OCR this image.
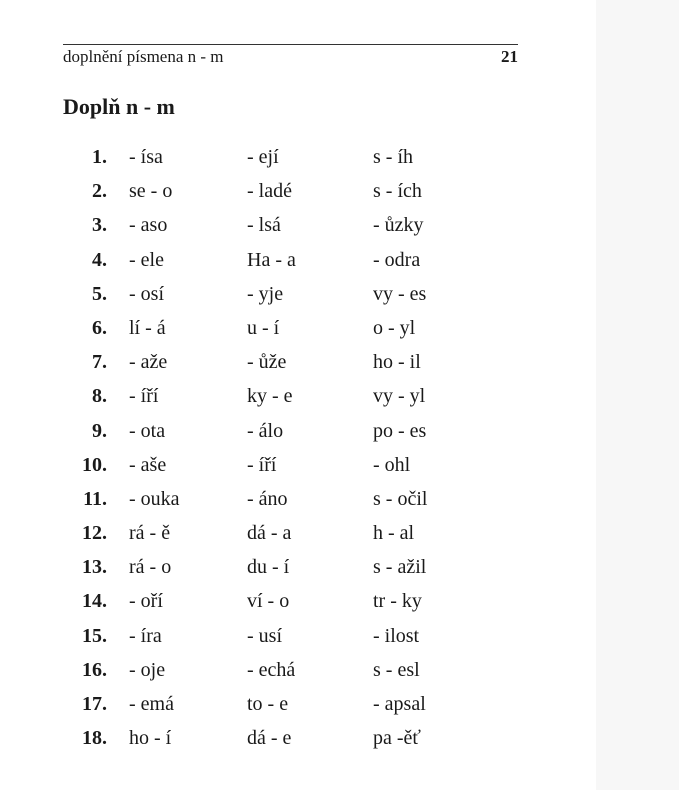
doplnění písmena n - m	21
Doplň n - m
1. - ísa	- ejí	s - íh
2. se - o	- ladé	s - ích
3. - aso	- lsá	- ůzky
4. - ele	Ha - a	- odra
5. - osí	- yje	vy - es
6. lí - á	u - í	o - yl
7. - aže	- ůže	ho - il
8. - íří	ky - e	vy - yl
9. - ota	- álo	po - es
10. - aše	- íří	- ohl
11. - ouka	- áno	s - očil
12. rá - ě	dá - a	h - al
13. rá - o	du - í	s - ažil
14. - oří	ví - o	tr - ky
15. - íra	- usí	- ilost
16. - oje	- echá	s - esl
17. - emá	to - e	- apsal
18. ho - í	dá - e	pa -ěť
